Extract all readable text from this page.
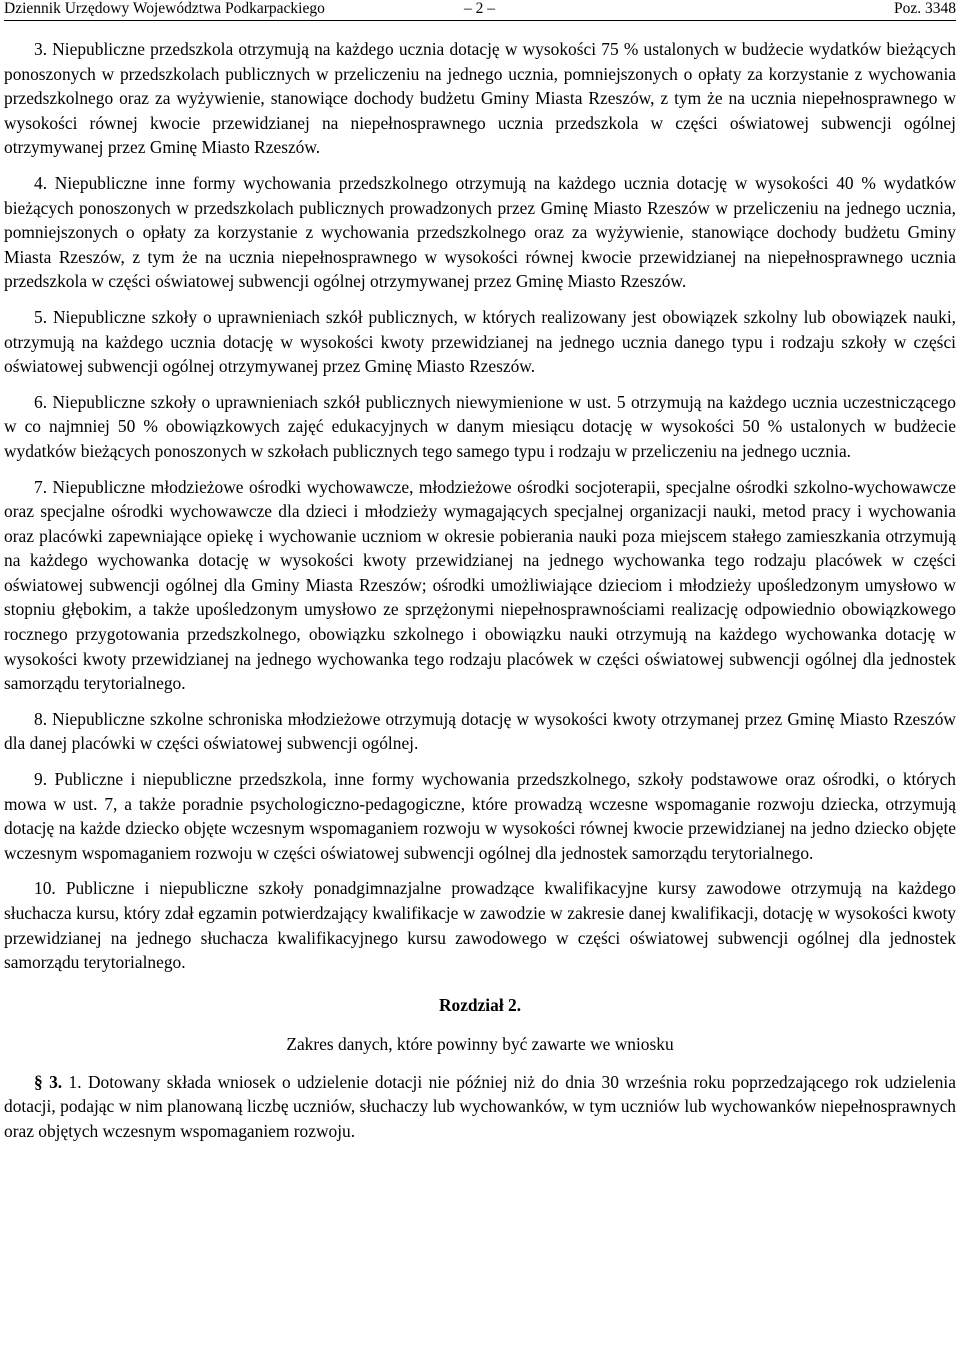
Dziennik Urzędowy Województwa Podkarpackiego	– 2 –	Poz. 3348

3. Niepubliczne przedszkola otrzymują na każdego ucznia dotację w wysokości 75 % ustalonych w budżecie wydatków bieżących ponoszonych w przedszkolach publicznych w przeliczeniu na jednego ucznia, pomniejszonych o opłaty za korzystanie z wychowania przedszkolnego oraz za wyżywienie, stanowiące dochody budżetu Gminy Miasta Rzeszów, z tym że na ucznia niepełnosprawnego w wysokości równej kwocie przewidzianej na niepełnosprawnego ucznia przedszkola w części oświatowej subwencji ogólnej otrzymywanej przez Gminę Miasto Rzeszów.

4. Niepubliczne inne formy wychowania przedszkolnego otrzymują na każdego ucznia dotację w wysokości 40 % wydatków bieżących ponoszonych w przedszkolach publicznych prowadzonych przez Gminę Miasto Rzeszów w przeliczeniu na jednego ucznia, pomniejszonych o opłaty za korzystanie z wychowania przedszkolnego oraz za wyżywienie, stanowiące dochody budżetu Gminy Miasta Rzeszów, z tym że na ucznia niepełnosprawnego w wysokości równej kwocie przewidzianej na niepełnosprawnego ucznia przedszkola w części oświatowej subwencji ogólnej otrzymywanej przez Gminę Miasto Rzeszów.

5. Niepubliczne szkoły o uprawnieniach szkół publicznych, w których realizowany jest obowiązek szkolny lub obowiązek nauki, otrzymują na każdego ucznia dotację w wysokości kwoty przewidzianej na jednego ucznia danego typu i rodzaju szkoły w części oświatowej subwencji ogólnej otrzymywanej przez Gminę Miasto Rzeszów.

6. Niepubliczne szkoły o uprawnieniach szkół publicznych niewymienione w ust. 5 otrzymują na każdego ucznia uczestniczącego w co najmniej 50 % obowiązkowych zajęć edukacyjnych w danym miesiącu dotację w wysokości 50 % ustalonych w budżecie wydatków bieżących ponoszonych w szkołach publicznych tego samego typu i rodzaju w przeliczeniu na jednego ucznia.

7. Niepubliczne młodzieżowe ośrodki wychowawcze, młodzieżowe ośrodki socjoterapii, specjalne ośrodki szkolno-wychowawcze oraz specjalne ośrodki wychowawcze dla dzieci i młodzieży wymagających specjalnej organizacji nauki, metod pracy i wychowania oraz placówki zapewniające opiekę i wychowanie uczniom w okresie pobierania nauki poza miejscem stałego zamieszkania otrzymują na każdego wychowanka dotację w wysokości kwoty przewidzianej na jednego wychowanka tego rodzaju placówek w części oświatowej subwencji ogólnej dla Gminy Miasta Rzeszów; ośrodki umożliwiające dzieciom i młodzieży upośledzonym umysłowo w stopniu głębokim, a także upośledzonym umysłowo ze sprzężonymi niepełnosprawnościami realizację odpowiednio obowiązkowego rocznego przygotowania przedszkolnego, obowiązku szkolnego i obowiązku nauki otrzymują na każdego wychowanka dotację w wysokości kwoty przewidzianej na jednego wychowanka tego rodzaju placówek w części oświatowej subwencji ogólnej dla jednostek samorządu terytorialnego.

8. Niepubliczne szkolne schroniska młodzieżowe otrzymują dotację w wysokości kwoty otrzymanej przez Gminę Miasto Rzeszów dla danej placówki w części oświatowej subwencji ogólnej.

9. Publiczne i niepubliczne przedszkola, inne formy wychowania przedszkolnego, szkoły podstawowe oraz ośrodki, o których mowa w ust. 7, a także poradnie psychologiczno-pedagogiczne, które prowadzą wczesne wspomaganie rozwoju dziecka, otrzymują dotację na każde dziecko objęte wczesnym wspomaganiem rozwoju w wysokości równej kwocie przewidzianej na jedno dziecko objęte wczesnym wspomaganiem rozwoju w części oświatowej subwencji ogólnej dla jednostek samorządu terytorialnego.

10. Publiczne i niepubliczne szkoły ponadgimnazjalne prowadzące kwalifikacyjne kursy zawodowe otrzymują na każdego słuchacza kursu, który zdał egzamin potwierdzający kwalifikacje w zawodzie w zakresie danej kwalifikacji, dotację w wysokości kwoty przewidzianej na jednego słuchacza kwalifikacyjnego kursu zawodowego w części oświatowej subwencji ogólnej dla jednostek samorządu terytorialnego.

Rozdział 2.
Zakres danych, które powinny być zawarte we wniosku

§ 3. 1. Dotowany składa wniosek o udzielenie dotacji nie później niż do dnia 30 września roku poprzedzającego rok udzielenia dotacji, podając w nim planowaną liczbę uczniów, słuchaczy lub wychowanków, w tym uczniów lub wychowanków niepełnosprawnych oraz objętych wczesnym wspomaganiem rozwoju.
